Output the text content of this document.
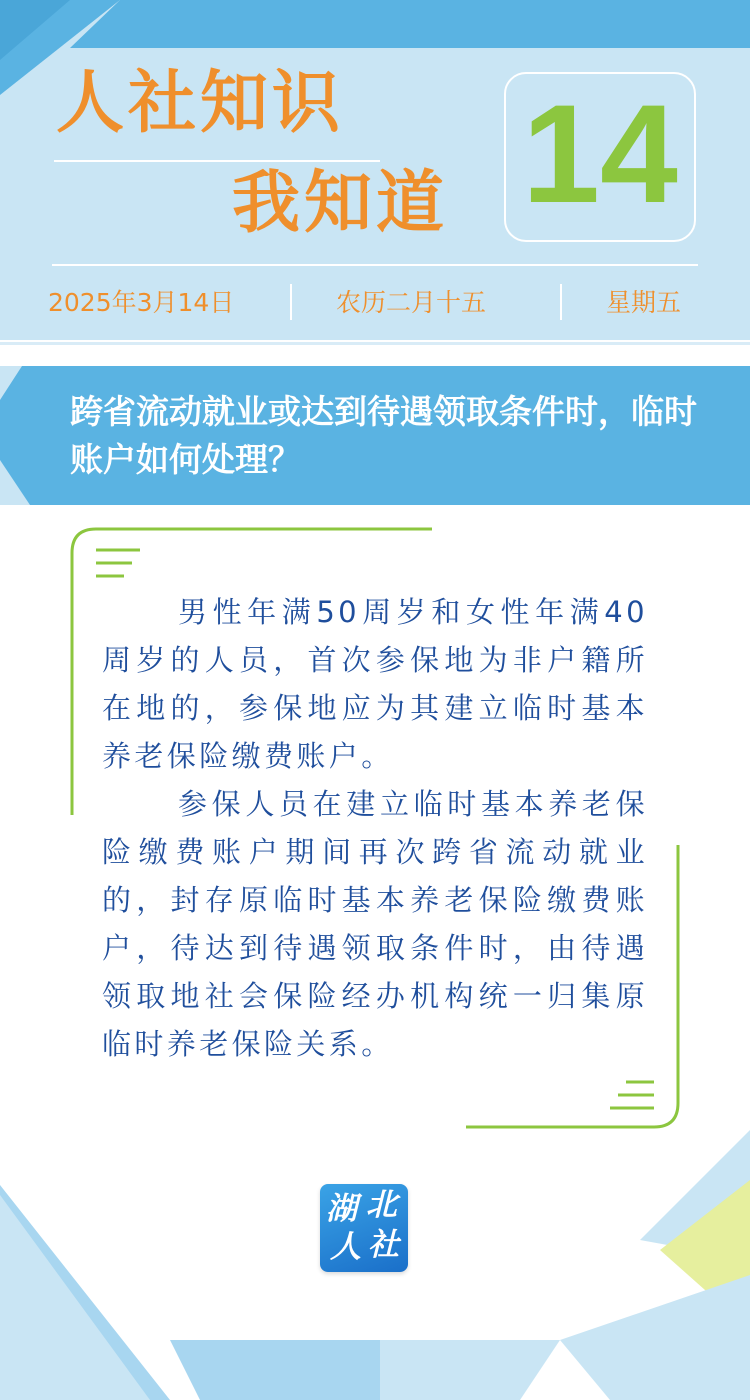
人社知识
我知道 14
2025年3月14日	农历二月十五	星期五
跨省流动就业或达到待遇领取条件时，临时账户如何处理？

男性年满50周岁和女性年满40周岁的人员，首次参保地为非户籍所在地的，参保地应为其建立临时基本养老保险缴费账户。

参保人员在建立临时基本养老保险缴费账户期间再次跨省流动就业的，封存原临时基本养老保险缴费账户，待达到待遇领取条件时，由待遇领取地社会保险经办机构统一归集原临时养老保险关系。

湖 北
人 社
